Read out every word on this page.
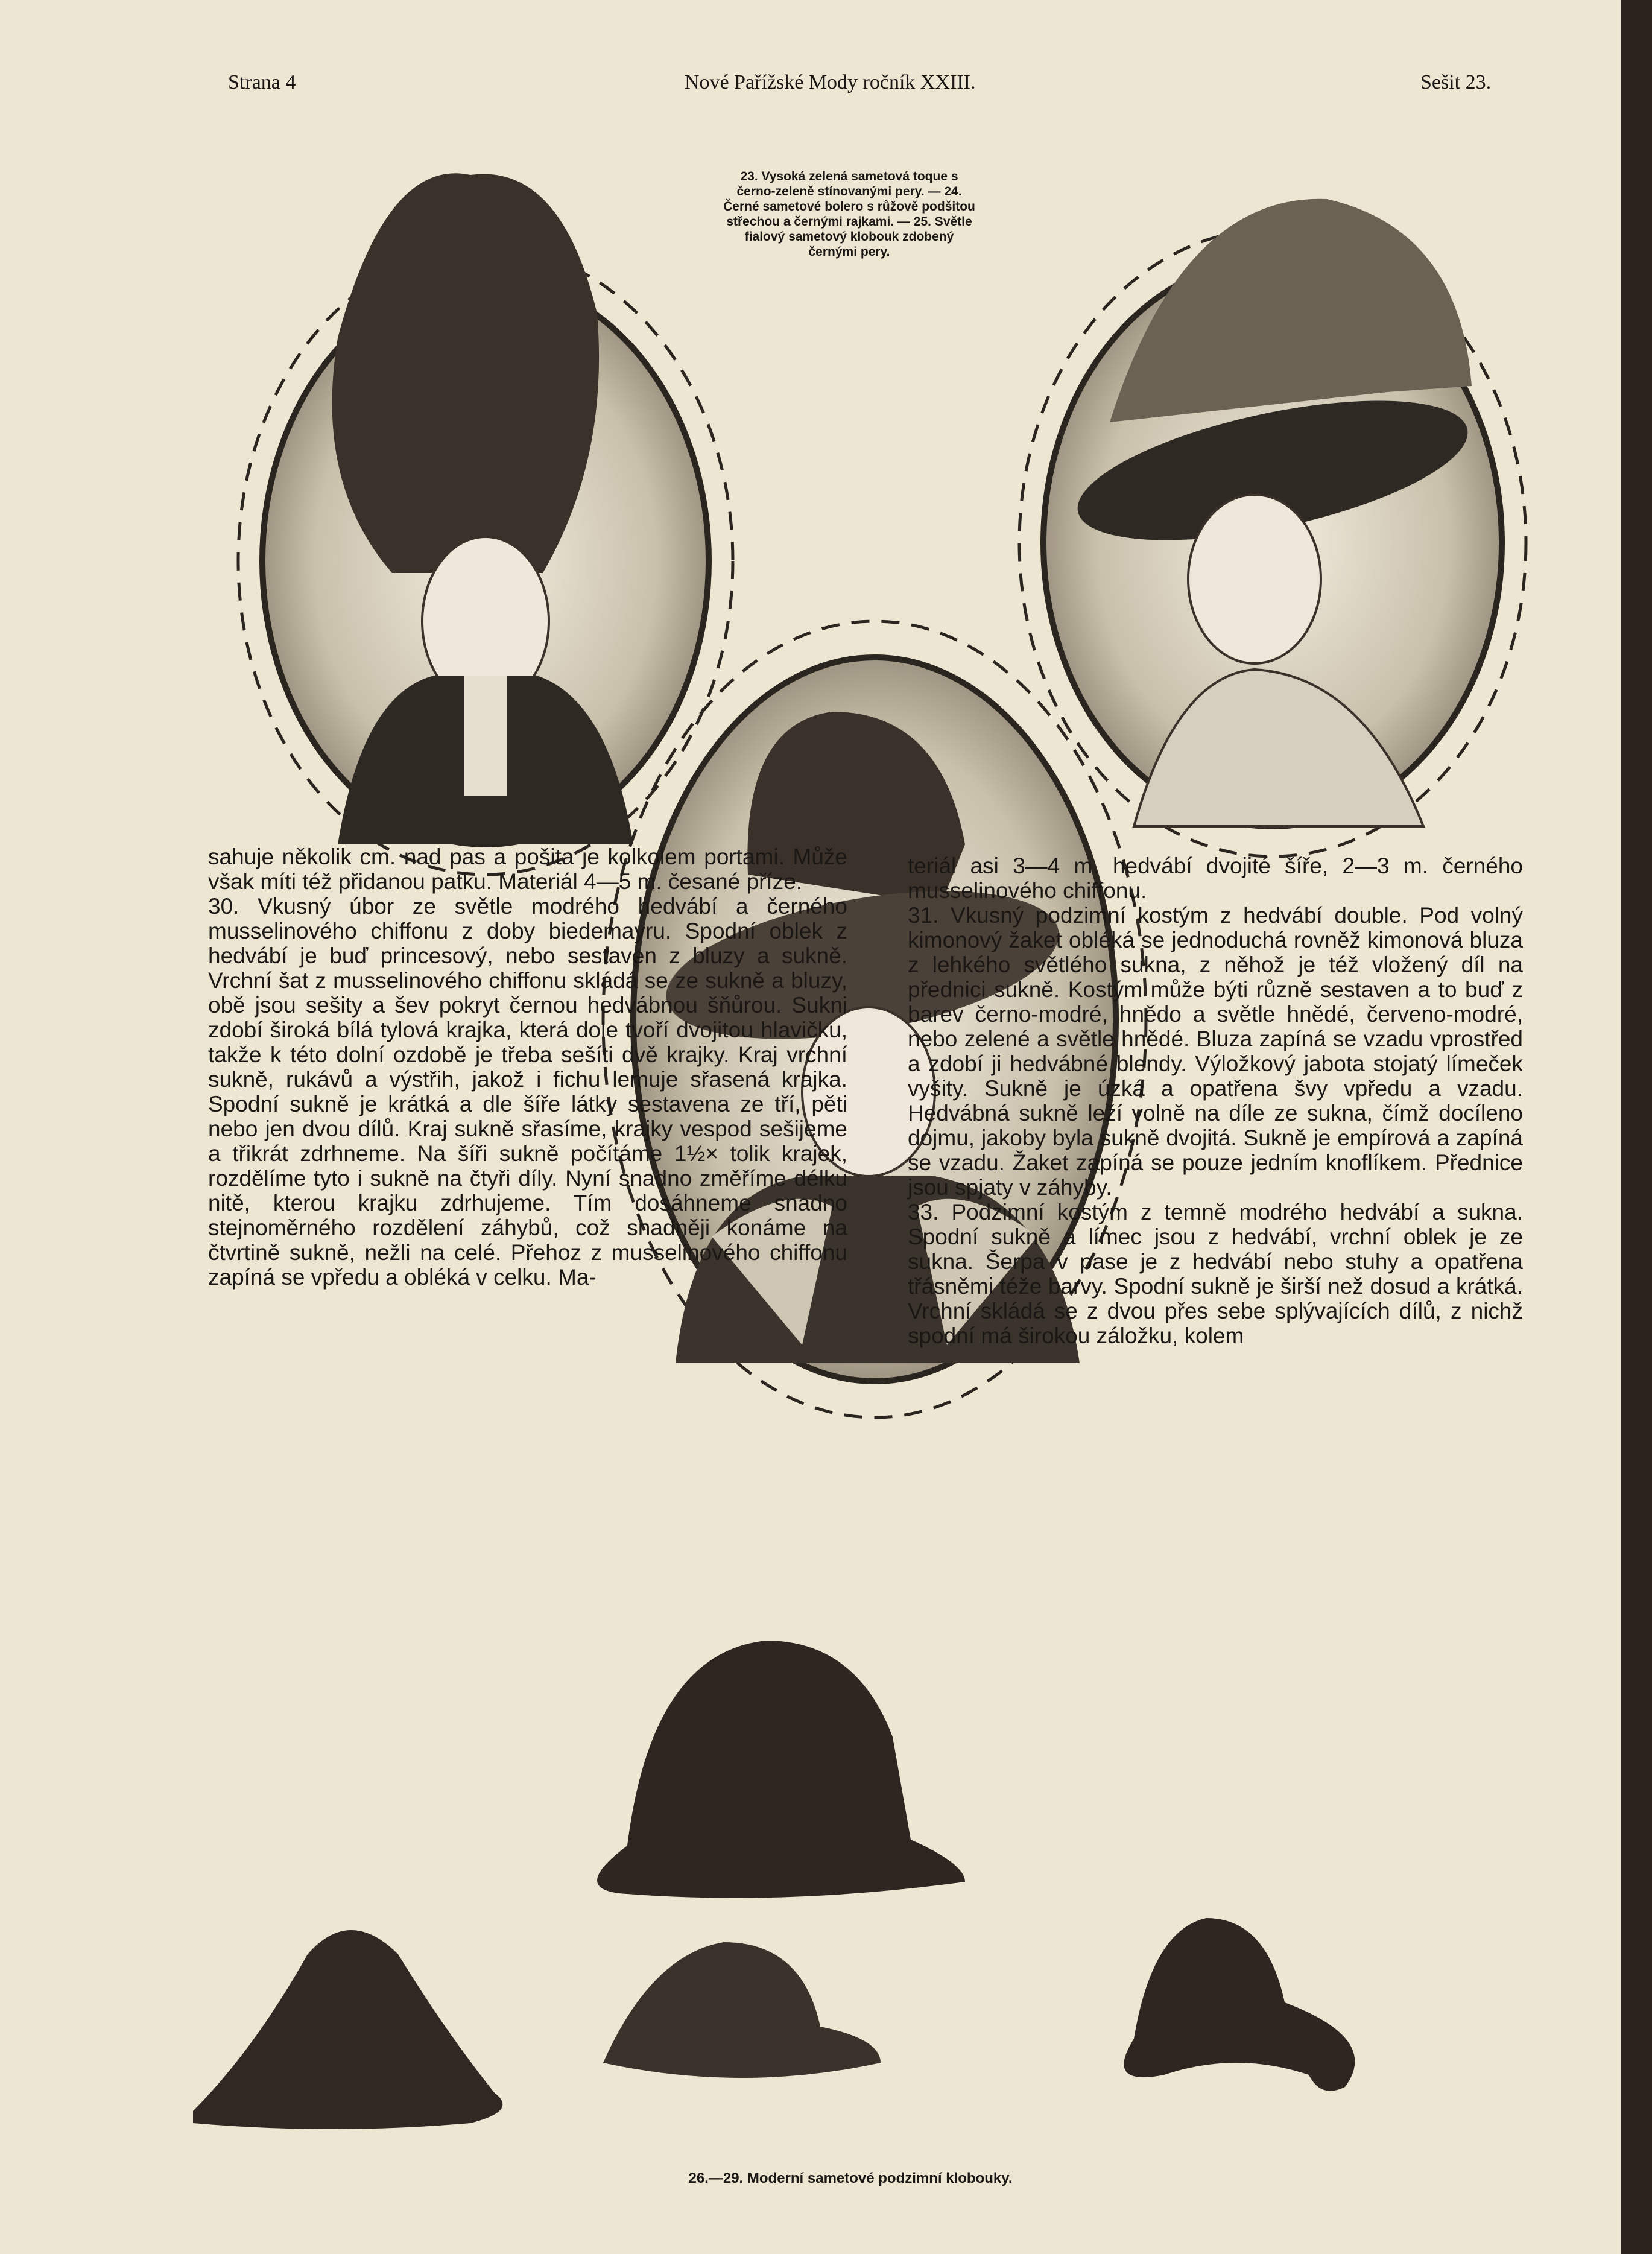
Strana 4	Nové Pařížské Mody ročník XXIII.	Sešit 23.
23. Vysoká zelená sametová toque s černo-zeleně stínovanými pery. — 24. Černé sametové bolero s růžově podšitou střechou a černými rajkami. — 25. Světle fialový sametový klobouk zdobený černými pery.
26.—29. Moderní sametové podzimní klobouky.

sahuje několik cm. nad pas a pošita je kolkolem portami. Může však míti též přidanou patku. Materiál 4—5 m. česané příze.

30. Vkusný úbor ze světle modrého hedvábí a černého musselinového chiffonu z doby biedemayru. Spodní oblek z hedvábí je buď princesový, nebo sestaven z bluzy a sukně. Vrchní šat z musselinového chiffonu skládá se ze sukně a bluzy, obě jsou sešity a šev pokryt černou hedvábnou šňůrou. Sukni zdobí široká bílá tylová krajka, která dole tvoří dvojitou hlavičku, takže k této dolní ozdobě je třeba sešíti dvě krajky. Kraj vrchní sukně, rukávů a výstřih, jakož i fichu lemuje sřasená krajka. Spodní sukně je krátká a dle šíře látky sestavena ze tří, pěti nebo jen dvou dílů. Kraj sukně sřasíme, krajky vespod sešijeme a třikrát zdrhneme. Na šíři sukně počítáme 1½× tolik krajek, rozdělíme tyto i sukně na čtyři díly. Nyní snadno změříme délku nitě, kterou krajku zdrhujeme. Tím dosáhneme snadno stejnoměrného rozdělení záhybů, což snadněji konáme na čtvrtině sukně, nežli na celé. Přehoz z musselinového chiffonu zapíná se vpředu a obléká v celku. Ma-

teriál asi 3—4 m. hedvábí dvojité šíře, 2—3 m. černého musselinového chiffonu.

31. Vkusný podzimní kostým z hedvábí double. Pod volný kimonový žaket obléká se jednoduchá rovněž kimonová bluza z lehkého světlého sukna, z něhož je též vložený díl na přednici sukně. Kostým může býti různě sestaven a to buď z barev černo-modré, hnědo a světle hnědé, červeno-modré, nebo zelené a světle hnědé. Bluza zapíná se vzadu vprostřed a zdobí ji hedvábné blendy. Výložkový jabota stojatý límeček vyšity. Sukně je úzká a opatřena švy vpředu a vzadu. Hedvábná sukně leží volně na díle ze sukna, čímž docíleno dojmu, jakoby byla sukně dvojitá. Sukně je empírová a zapíná se vzadu. Žaket zapíná se pouze jedním knoflíkem. Přednice jsou spjaty v záhyby.

33. Podzimní kostým z temně modrého hedvábí a sukna. Spodní sukně a límec jsou z hedvábí, vrchní oblek je ze sukna. Šerpa v pase je z hedvábí nebo stuhy a opatřena třásněmi téže barvy. Spodní sukně je širší než dosud a krátká. Vrchní skládá se z dvou přes sebe splývajících dílů, z nichž spodní má širokou záložku, kolem
